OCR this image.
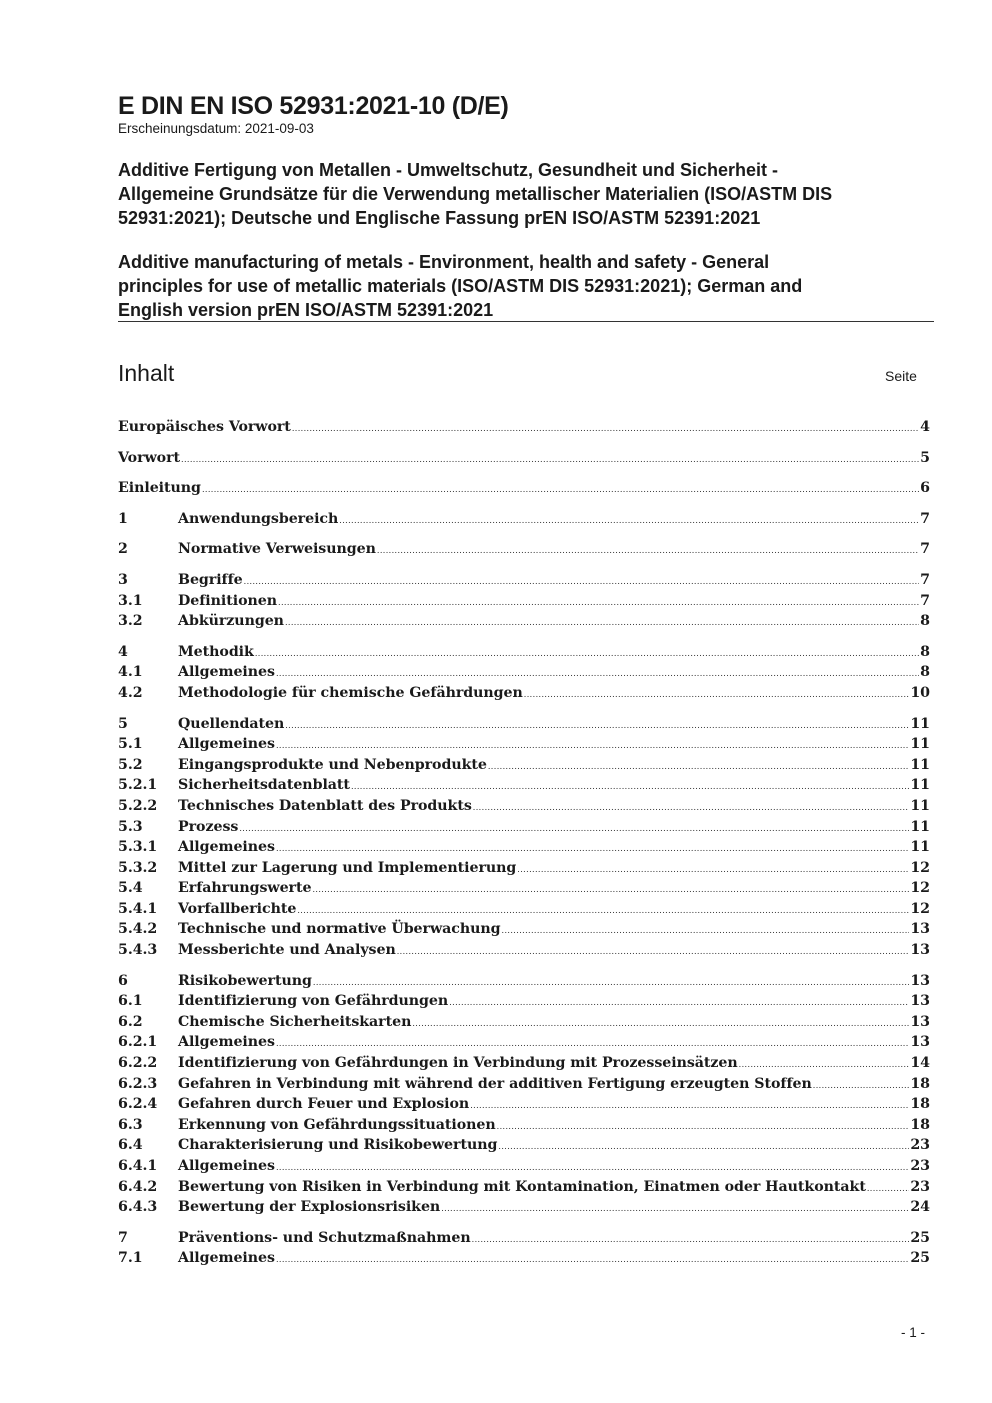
E DIN EN ISO 52931:2021-10 (D/E)
Erscheinungsdatum: 2021-09-03
Additive Fertigung von Metallen - Umweltschutz, Gesundheit und Sicherheit -
Allgemeine Grundsätze für die Verwendung metallischer Materialien (ISO/ASTM DIS
52931:2021); Deutsche und Englische Fassung prEN ISO/ASTM 52391:2021
Additive manufacturing of metals - Environment, health and safety - General
principles for use of metallic materials (ISO/ASTM DIS 52931:2021); German and
English version prEN ISO/ASTM 52391:2021
Inhalt	Seite
Europäisches Vorwort .....	4
Vorwort .....	5
Einleitung .....	6
1	Anwendungsbereich .....	7
2	Normative Verweisungen .....	7
3	Begriffe .....	7
3.1	Definitionen .....	7
3.2	Abkürzungen .....	8
4	Methodik .....	8
4.1	Allgemeines .....	8
4.2	Methodologie für chemische Gefährdungen .....	10
5	Quellendaten .....	11
5.1	Allgemeines .....	11
5.2	Eingangsprodukte und Nebenprodukte .....	11
5.2.1	Sicherheitsdatenblatt .....	11
5.2.2	Technisches Datenblatt des Produkts .....	11
5.3	Prozess .....	11
5.3.1	Allgemeines .....	11
5.3.2	Mittel zur Lagerung und Implementierung .....	12
5.4	Erfahrungswerte .....	12
5.4.1	Vorfallberichte .....	12
5.4.2	Technische und normative Überwachung .....	13
5.4.3	Messberichte und Analysen .....	13
6	Risikobewertung .....	13
6.1	Identifizierung von Gefährdungen .....	13
6.2	Chemische Sicherheitskarten .....	13
6.2.1	Allgemeines .....	13
6.2.2	Identifizierung von Gefährdungen in Verbindung mit Prozesseinsätzen .....	14
6.2.3	Gefahren in Verbindung mit während der additiven Fertigung erzeugten Stoffen .....	18
6.2.4	Gefahren durch Feuer und Explosion .....	18
6.3	Erkennung von Gefährdungssituationen .....	18
6.4	Charakterisierung und Risikobewertung .....	23
6.4.1	Allgemeines .....	23
6.4.2	Bewertung von Risiken in Verbindung mit Kontamination, Einatmen oder Hautkontakt .....	23
6.4.3	Bewertung der Explosionsrisiken .....	24
7	Präventions- und Schutzmaßnahmen .....	25
7.1	Allgemeines .....	25
- 1 -
